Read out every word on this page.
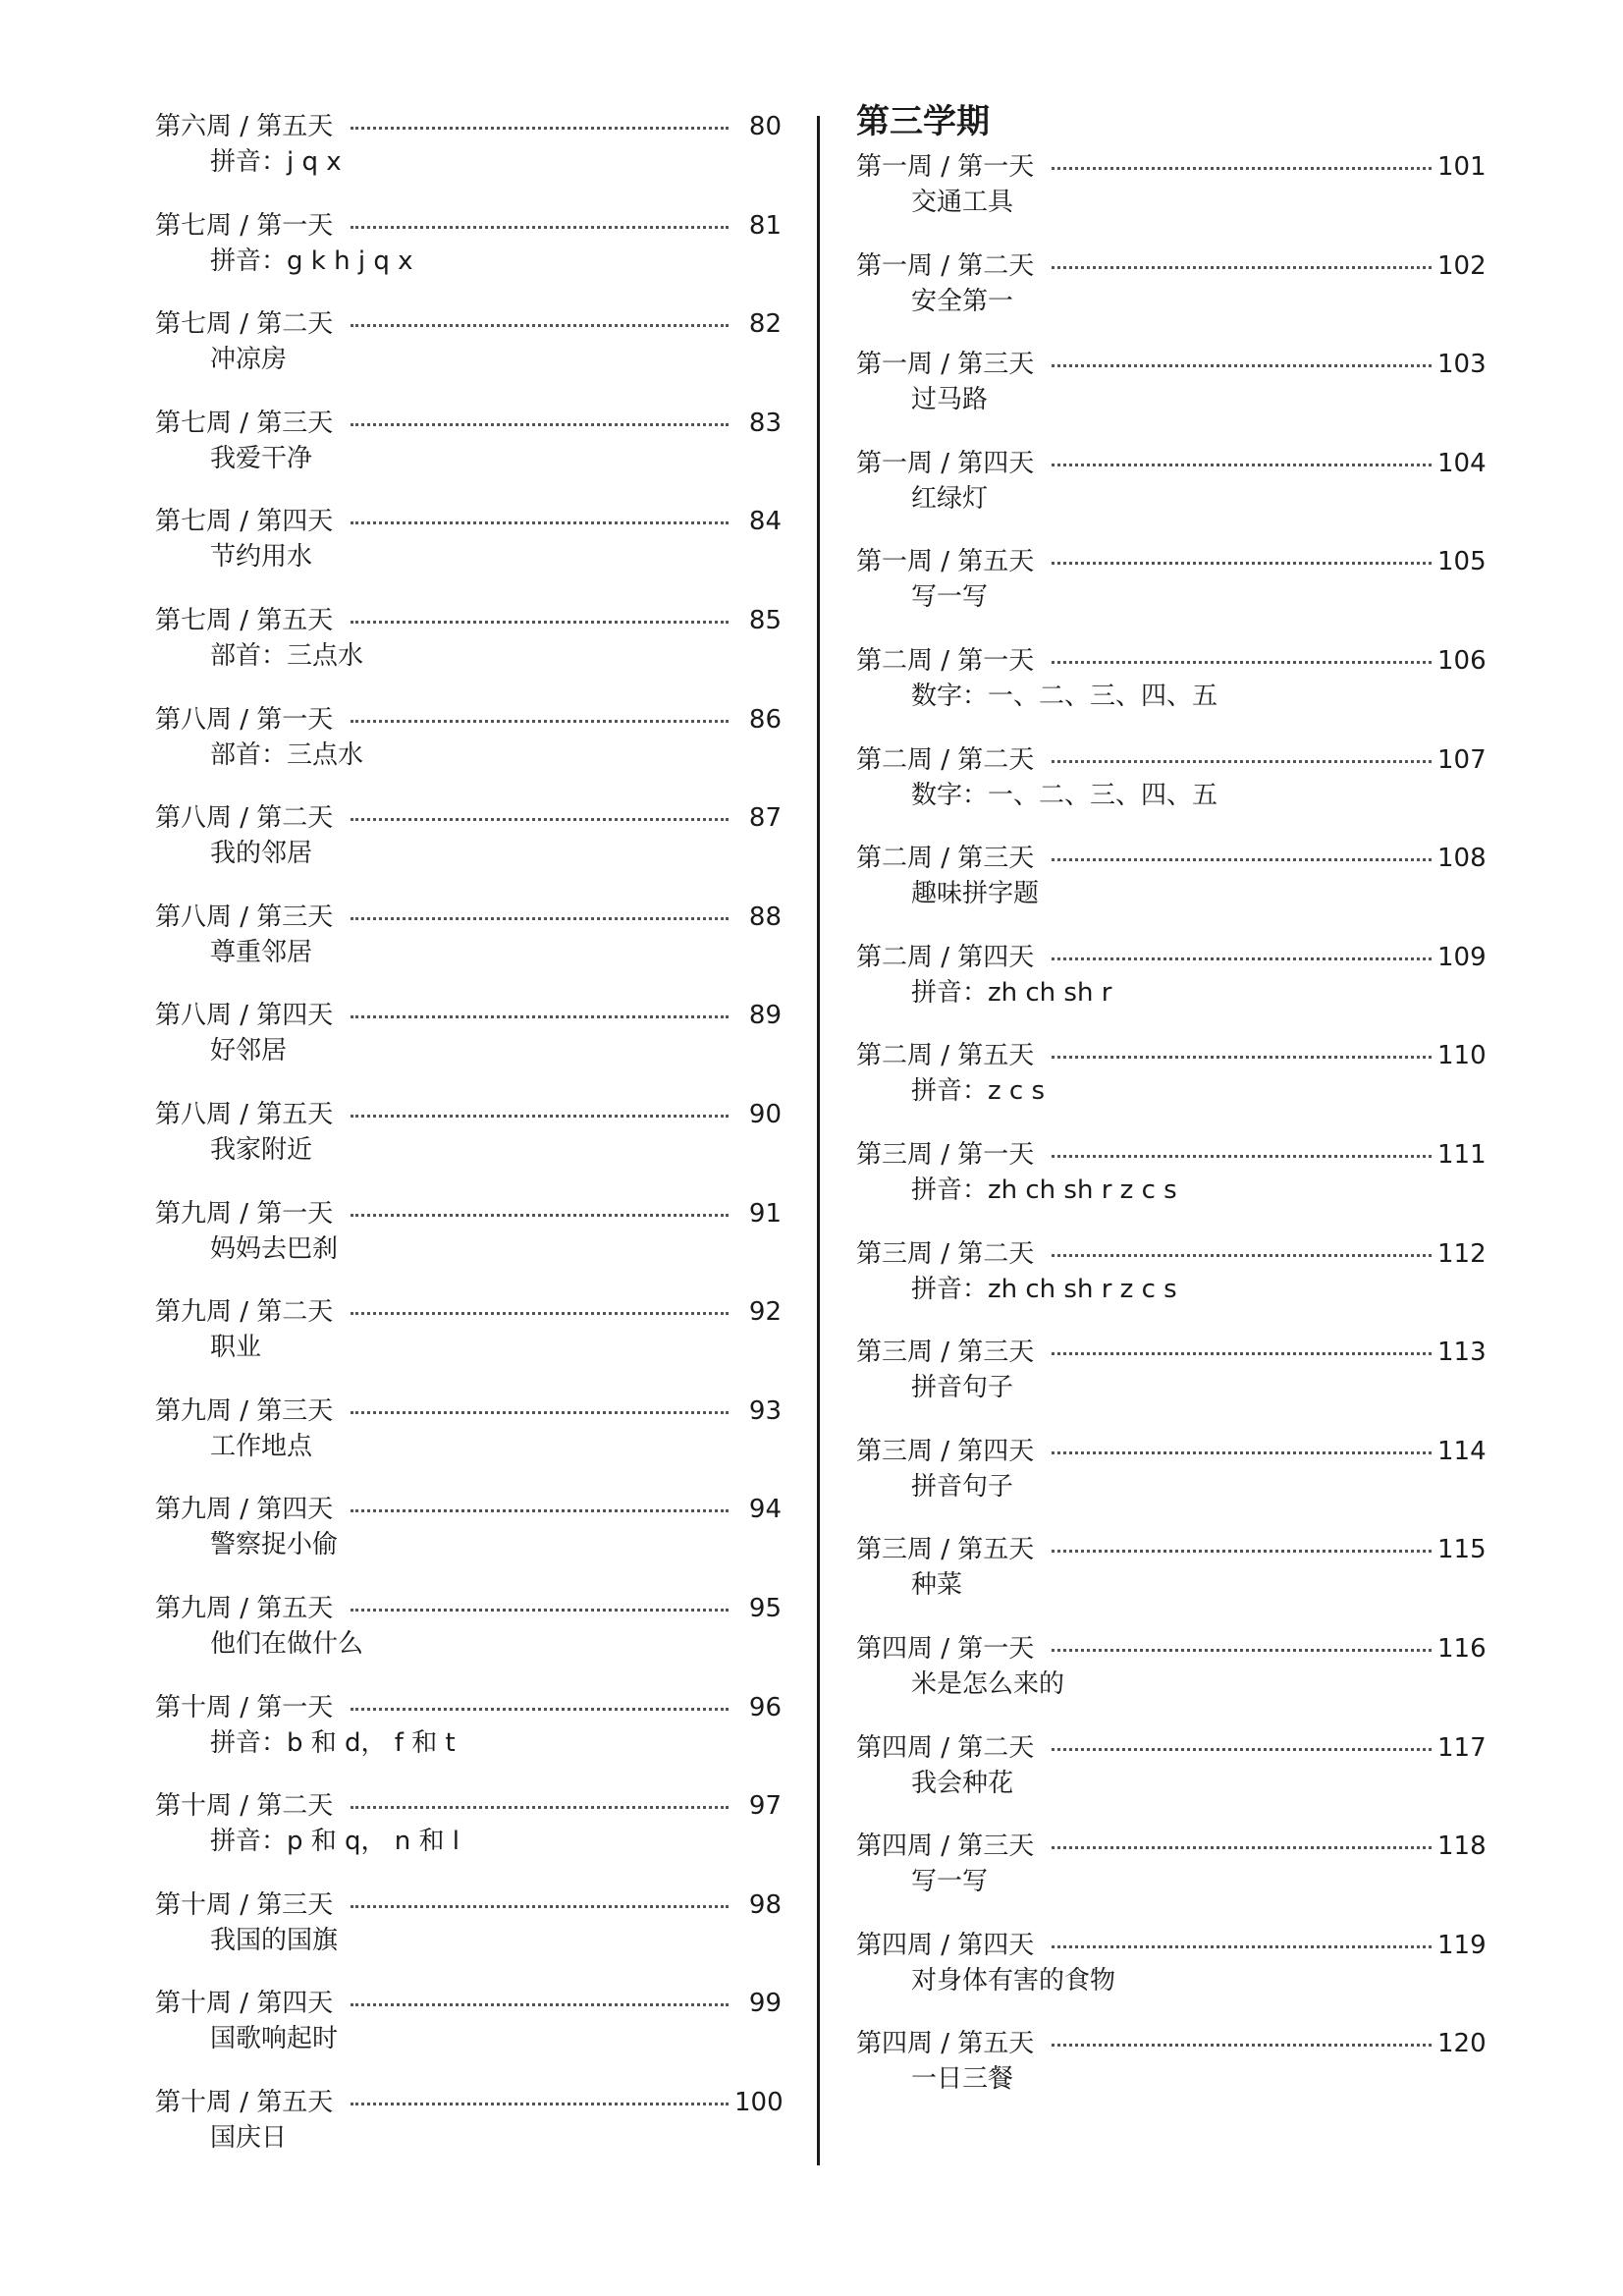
第六周 / 第五天	80
拼音：j q x
第七周 / 第一天	81
拼音：g k h j q x
第七周 / 第二天	82
冲凉房
第七周 / 第三天	83
我爱干净
第七周 / 第四天	84
节约用水
第七周 / 第五天	85
部首：三点水
第八周 / 第一天	86
部首：三点水
第八周 / 第二天	87
我的邻居
第八周 / 第三天	88
尊重邻居
第八周 / 第四天	89
好邻居
第八周 / 第五天	90
我家附近
第九周 / 第一天	91
妈妈去巴刹
第九周 / 第二天	92
职业
第九周 / 第三天	93
工作地点
第九周 / 第四天	94
警察捉小偷
第九周 / 第五天	95
他们在做什么
第十周 / 第一天	96
拼音：b 和 d， f 和 t
第十周 / 第二天	97
拼音：p 和 q， n 和 l
第十周 / 第三天	98
我国的国旗
第十周 / 第四天	99
国歌响起时
第十周 / 第五天	100
国庆日
第三学期
第一周 / 第一天	101
交通工具
第一周 / 第二天	102
安全第一
第一周 / 第三天	103
过马路
第一周 / 第四天	104
红绿灯
第一周 / 第五天	105
写一写
第二周 / 第一天	106
数字：一、二、三、四、五
第二周 / 第二天	107
数字：一、二、三、四、五
第二周 / 第三天	108
趣味拼字题
第二周 / 第四天	109
拼音：zh ch sh r
第二周 / 第五天	110
拼音：z c s
第三周 / 第一天	111
拼音：zh ch sh r z c s
第三周 / 第二天	112
拼音：zh ch sh r z c s
第三周 / 第三天	113
拼音句子
第三周 / 第四天	114
拼音句子
第三周 / 第五天	115
种菜
第四周 / 第一天	116
米是怎么来的
第四周 / 第二天	117
我会种花
第四周 / 第三天	118
写一写
第四周 / 第四天	119
对身体有害的食物
第四周 / 第五天	120
一日三餐
